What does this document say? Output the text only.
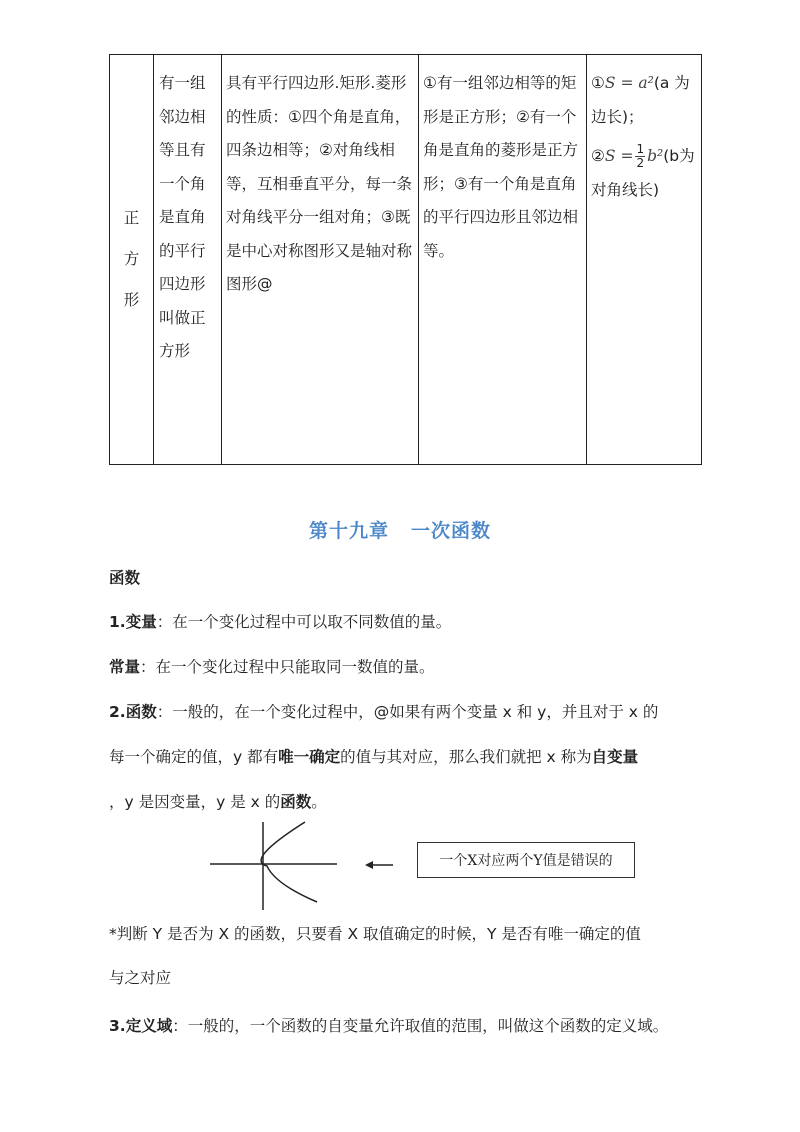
正方形
有一组邻边相等且有一个角是直角的平行四边形叫做正方形
具有平行四边形.矩形.菱形的性质：①四个角是直角，四条边相等；②对角线相等，互相垂直平分，每一条对角线平分一组对角；③既是中心对称图形又是轴对称图形@
①有一组邻边相等的矩形是正方形；②有一个角是直角的菱形是正方形；③有一个角是直角的平行四边形且邻边相等。
①S = a²(a 为边长)；
②S = $\frac{1}{2} b^2(b$为对角线长)
第十九章 一次函数
函数
1.变量：在一个变化过程中可以取不同数值的量。
常量：在一个变化过程中只能取同一数值的量。
2.函数：一般的，在一个变化过程中，@如果有两个变量 x 和 y，并且对于 x 的
每一个确定的值，y 都有唯一确定的值与其对应，那么我们就把 x 称为自变量
，y 是因变量，y 是 x 的函数。
一个X对应两个Y值是错误的
*判断 Y 是否为 X 的函数，只要看 X 取值确定的时候，Y 是否有唯一确定的值
与之对应
3.定义域：一般的，一个函数的自变量允许取值的范围，叫做这个函数的定义域。
